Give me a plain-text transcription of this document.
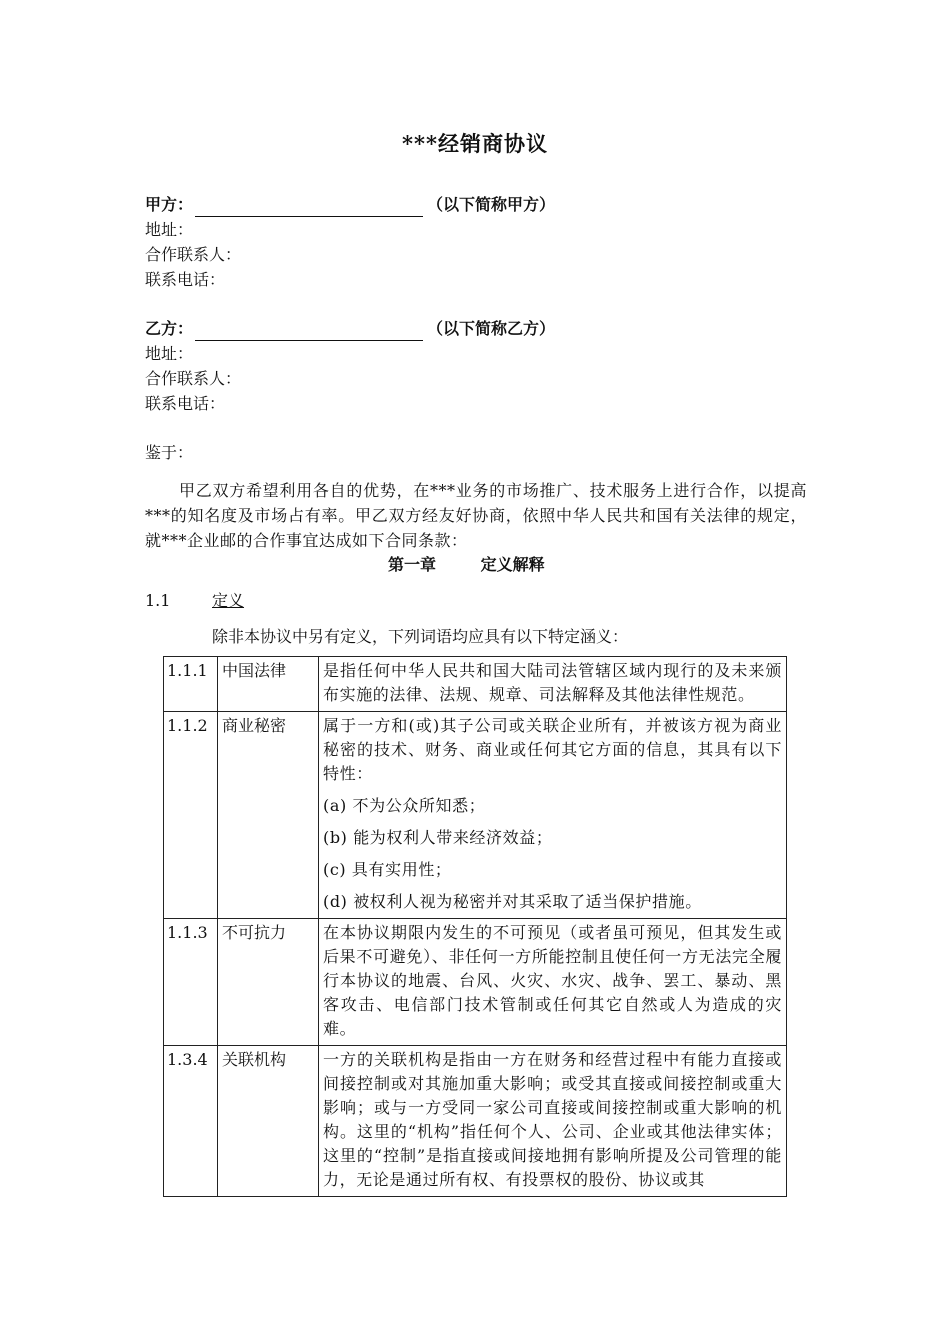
***经销商协议
甲方：	（以下简称甲方）
地址：
合作联系人：
联系电话：
乙方：	（以下简称乙方）
地址：
合作联系人：
联系电话：
鉴于：
甲乙双方希望利用各自的优势，在***业务的市场推广、技术服务上进行合作，以提高***的知名度及市场占有率。甲乙双方经友好协商，依照中华人民共和国有关法律的规定，就***企业邮的合作事宜达成如下合同条款：
第一章        定义解释
1.1	定义
除非本协议中另有定义，下列词语均应具有以下特定涵义：
1.1.1	中国法律	是指任何中华人民共和国大陆司法管辖区域内现行的及未来颁布实施的法律、法规、规章、司法解释及其他法律性规范。
1.1.2	商业秘密	属于一方和(或)其子公司或关联企业所有，并被该方视为商业秘密的技术、财务、商业或任何其它方面的信息，其具有以下特性：
(a) 不为公众所知悉；
(b) 能为权利人带来经济效益；
(c) 具有实用性；
(d) 被权利人视为秘密并对其采取了适当保护措施。

1.1.3	不可抗力	在本协议期限内发生的不可预见（或者虽可预见，但其发生或后果不可避免）、非任何一方所能控制且使任何一方无法完全履行本协议的地震、台风、火灾、水灾、战争、罢工、暴动、黑客攻击、电信部门技术管制或任何其它自然或人为造成的灾难。
1.3.4	关联机构	一方的关联机构是指由一方在财务和经营过程中有能力直接或间接控制或对其施加重大影响；或受其直接或间接控制或重大影响；或与一方受同一家公司直接或间接控制或重大影响的机构。这里的“机构”指任何个人、公司、企业或其他法律实体；这里的“控制”是指直接或间接地拥有影响所提及公司管理的能力，无论是通过所有权、有投票权的股份、协议或其
